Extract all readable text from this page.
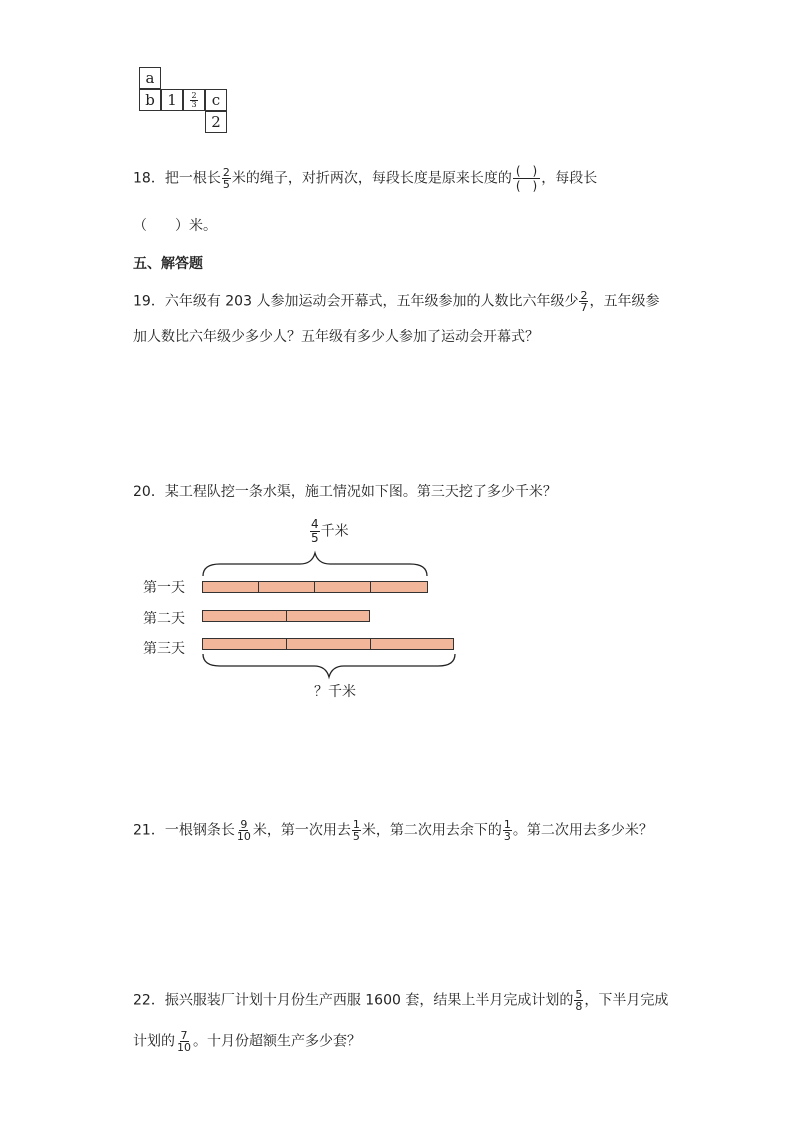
a
b 1	$\frac{2}{3}$ c
2
18．把一根长 $\frac{2}{5}$ 米的绳子，对折两次，每段长度是原来长度的 $\frac{( )}{( )}$ ，每段长
（　　）米。
五、解答题
19．六年级有 203 人参加运动会开幕式，五年级参加的人数比六年级少 $\frac{2}{7}$ ，五年级参
加人数比六年级少多少人？五年级有多少人参加了运动会开幕式？
20．某工程队挖一条水渠，施工情况如下图。第三天挖了多少千米？
$\frac{4}{5}$ 千米
第一天
第二天
第三天
？千米
21．一根钢条长 $\frac{9}{10}$ 米，第一次用去 $\frac{1}{5}$ 米，第二次用去余下的 $\frac{1}{3}$ 。第二次用去多少米？
22．振兴服装厂计划十月份生产西服 1600 套，结果上半月完成计划的 $\frac{5}{8}$ ，下半月完成
计划的 $\frac{7}{10}$ 。十月份超额生产多少套？
